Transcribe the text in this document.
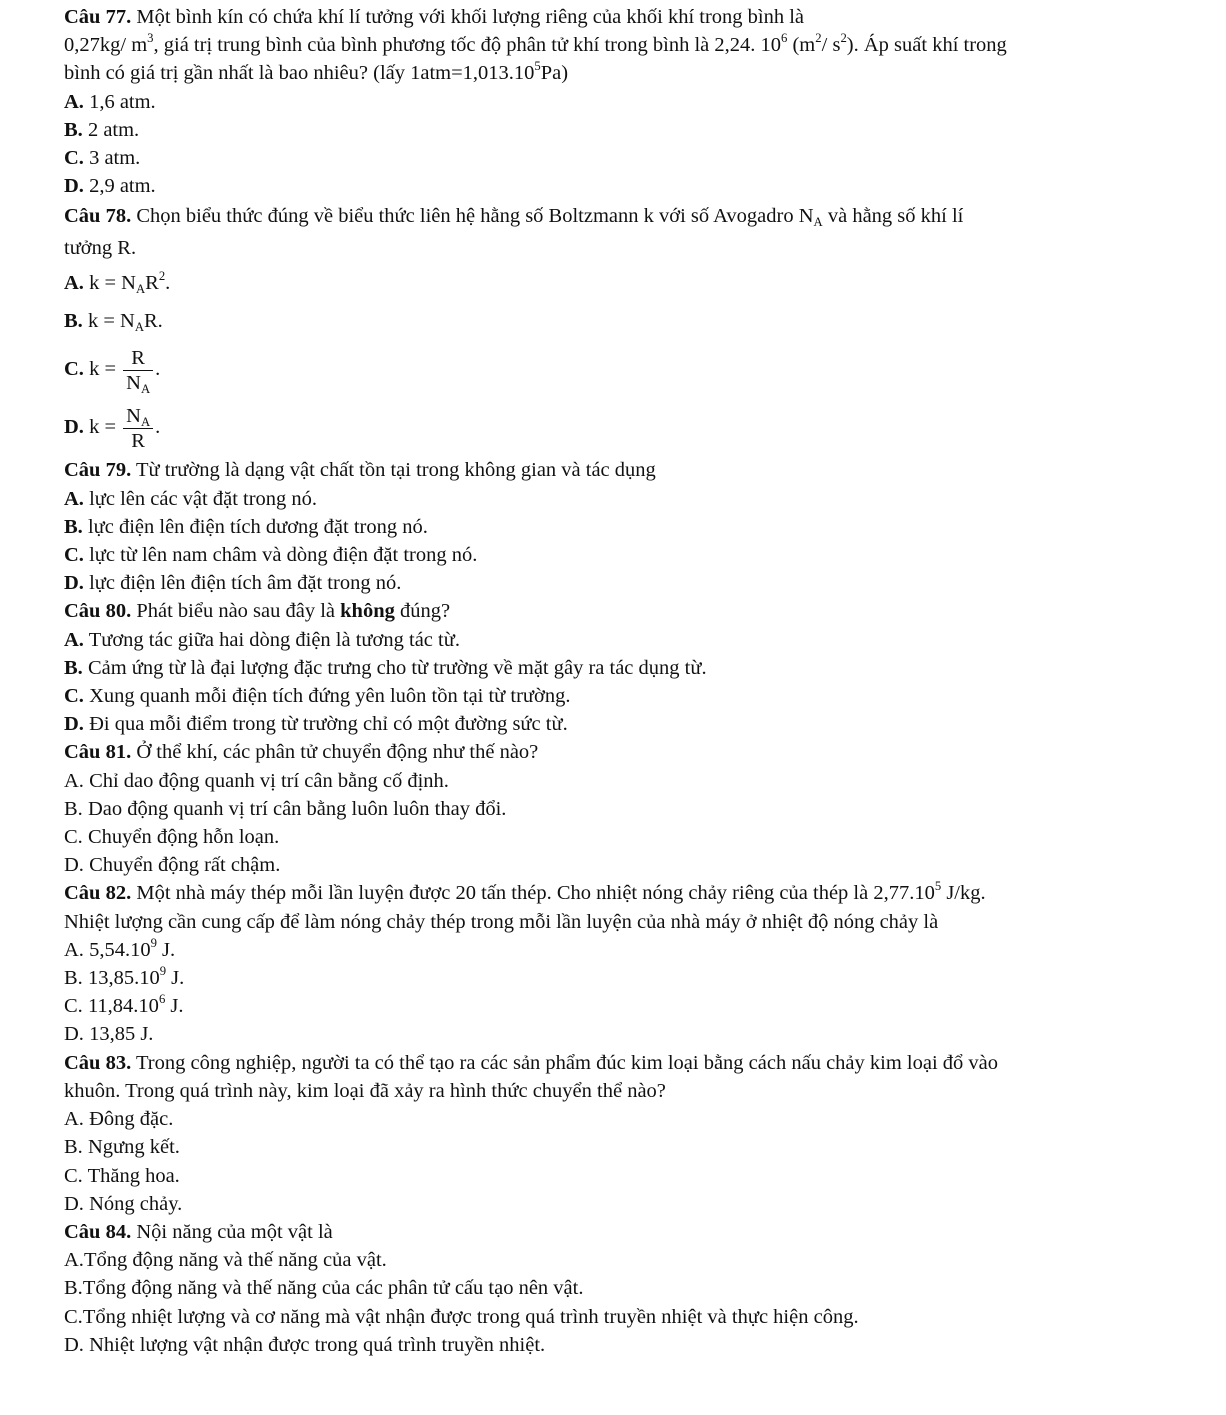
Câu 77. Một bình kín có chứa khí lí tưởng với khối lượng riêng của khối khí trong bình là
0,27kg/ $m^3$, giá trị trung bình của bình phương tốc độ phân tử khí trong bình là 2,24. $10^6$ ($m^2/$ $s^2$). Áp suất khí trong
bình có giá trị gần nhất là bao nhiêu? (lấy $1atm=1,013.10^5Pa$)
A. 1,6 atm.
B. 2 atm.
C. 3 atm.
D. 2,9 atm.
Câu 78. Chọn biểu thức đúng về biểu thức liên hệ hằng số Boltzmann k với số Avogadro $N_A$ và hằng số khí lí
tưởng R.
A. $k = N_AR^2$.
B. $k = N_AR$.
C. $k = \frac{R}{N_A}$ .
D. $k = \frac{N_A}{R}$ .
Câu 79. Từ trường là dạng vật chất tồn tại trong không gian và tác dụng
A. lực lên các vật đặt trong nó.
B. lực điện lên điện tích dương đặt trong nó.
C. lực từ lên nam châm và dòng điện đặt trong nó.
D. lực điện lên điện tích âm đặt trong nó.
Câu 80. Phát biểu nào sau đây là không đúng?
A. Tương tác giữa hai dòng điện là tương tác từ.
B. Cảm ứng từ là đại lượng đặc trưng cho từ trường về mặt gây ra tác dụng từ.
C. Xung quanh mỗi điện tích đứng yên luôn tồn tại từ trường.
D. Đi qua mỗi điểm trong từ trường chỉ có một đường sức từ.
Câu 81. Ở thể khí, các phân tử chuyển động như thế nào?
A. Chỉ dao động quanh vị trí cân bằng cố định.
B. Dao động quanh vị trí cân bằng luôn luôn thay đổi.
C. Chuyển động hỗn loạn.
D. Chuyển động rất chậm.
Câu 82. Một nhà máy thép mỗi lần luyện được 20 tấn thép. Cho nhiệt nóng chảy riêng của thép là 2,77.10$^5$ J/kg.
Nhiệt lượng cần cung cấp để làm nóng chảy thép trong mỗi lần luyện của nhà máy ở nhiệt độ nóng chảy là
A. 5,54.10$^9$ J.
B. 13,85.10$^9$ J.
C. 11,84.10$^6$ J.
D. 13,85 J.
Câu 83. Trong công nghiệp, người ta có thể tạo ra các sản phẩm đúc kim loại bằng cách nấu chảy kim loại đổ vào
khuôn. Trong quá trình này, kim loại đã xảy ra hình thức chuyển thể nào?
A. Đông đặc.
B. Ngưng kết.
C. Thăng hoa.
D. Nóng chảy.
Câu 84. Nội năng của một vật là
A.Tổng động năng và thế năng của vật.
B.Tổng động năng và thế năng của các phân tử cấu tạo nên vật.
C.Tổng nhiệt lượng và cơ năng mà vật nhận được trong quá trình truyền nhiệt và thực hiện công.
D. Nhiệt lượng vật nhận được trong quá trình truyền nhiệt.
